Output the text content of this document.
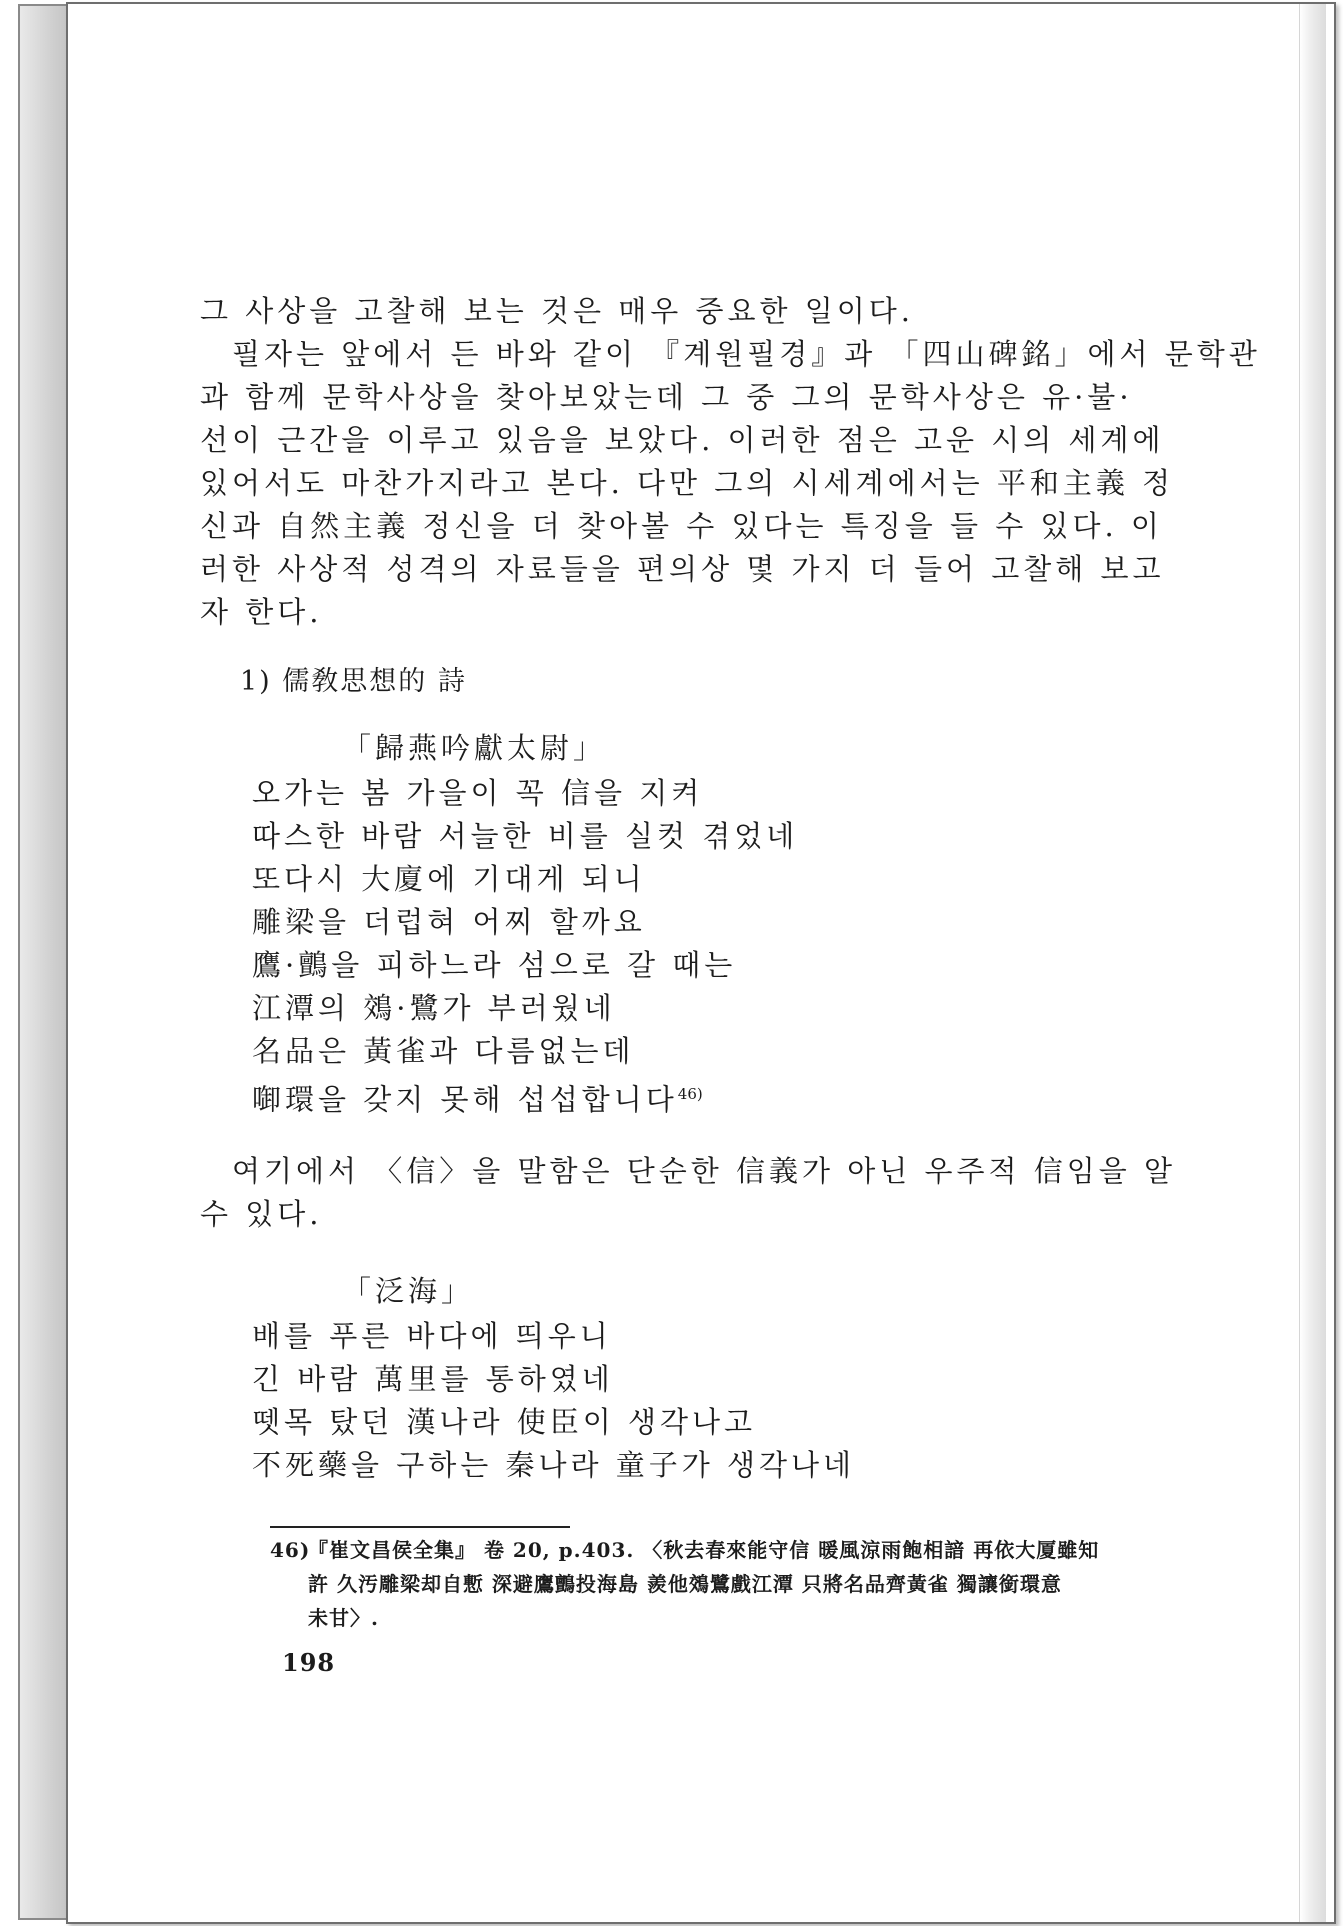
그 사상을 고찰해 보는 것은 매우 중요한 일이다.

필자는 앞에서 든 바와 같이 『계원필경』과 「四山碑銘」에서 문학관
과 함께 문학사상을 찾아보았는데 그 중 그의 문학사상은 유·불·
선이 근간을 이루고 있음을 보았다. 이러한 점은 고운 시의 세계에
있어서도 마찬가지라고 본다. 다만 그의 시세계에서는 平和主義 정
신과 自然主義 정신을 더 찾아볼 수 있다는 특징을 들 수 있다. 이
러한 사상적 성격의 자료들을 편의상 몇 가지 더 들어 고찰해 보고
자 한다.

1) 儒敎思想的 詩
「歸燕吟獻太尉」
오가는 봄 가을이 꼭 信을 지켜
따스한 바람 서늘한 비를 실컷 겪었네
또다시 大廈에 기대게 되니
雕梁을 더럽혀 어찌 할까요
鷹·鸇을 피하느라 섬으로 갈 때는
江潭의 鵁·鷺가 부러웠네
名品은 黃雀과 다름없는데
啣環을 갖지 못해 섭섭합니다$^{46)}$

여기에서 〈信〉을 말함은 단순한 信義가 아닌 우주적 信임을 알
수 있다.

「泛海」
배를 푸른 바다에 띄우니
긴 바람 萬里를 통하였네
뗏목 탔던 漢나라 使臣이 생각나고
不死藥을 구하는 秦나라 童子가 생각나네
46)『崔文昌侯全集』 卷 20, p.403. 〈秋去春來能守信 暖風涼雨飽相諳 再依大厦雖知
許 久汚雕梁却自慙 深避鷹鸇投海島 羨他鵁鷺戲江潭 只將名品齊黃雀 獨讓銜環意
未甘〉.
198
